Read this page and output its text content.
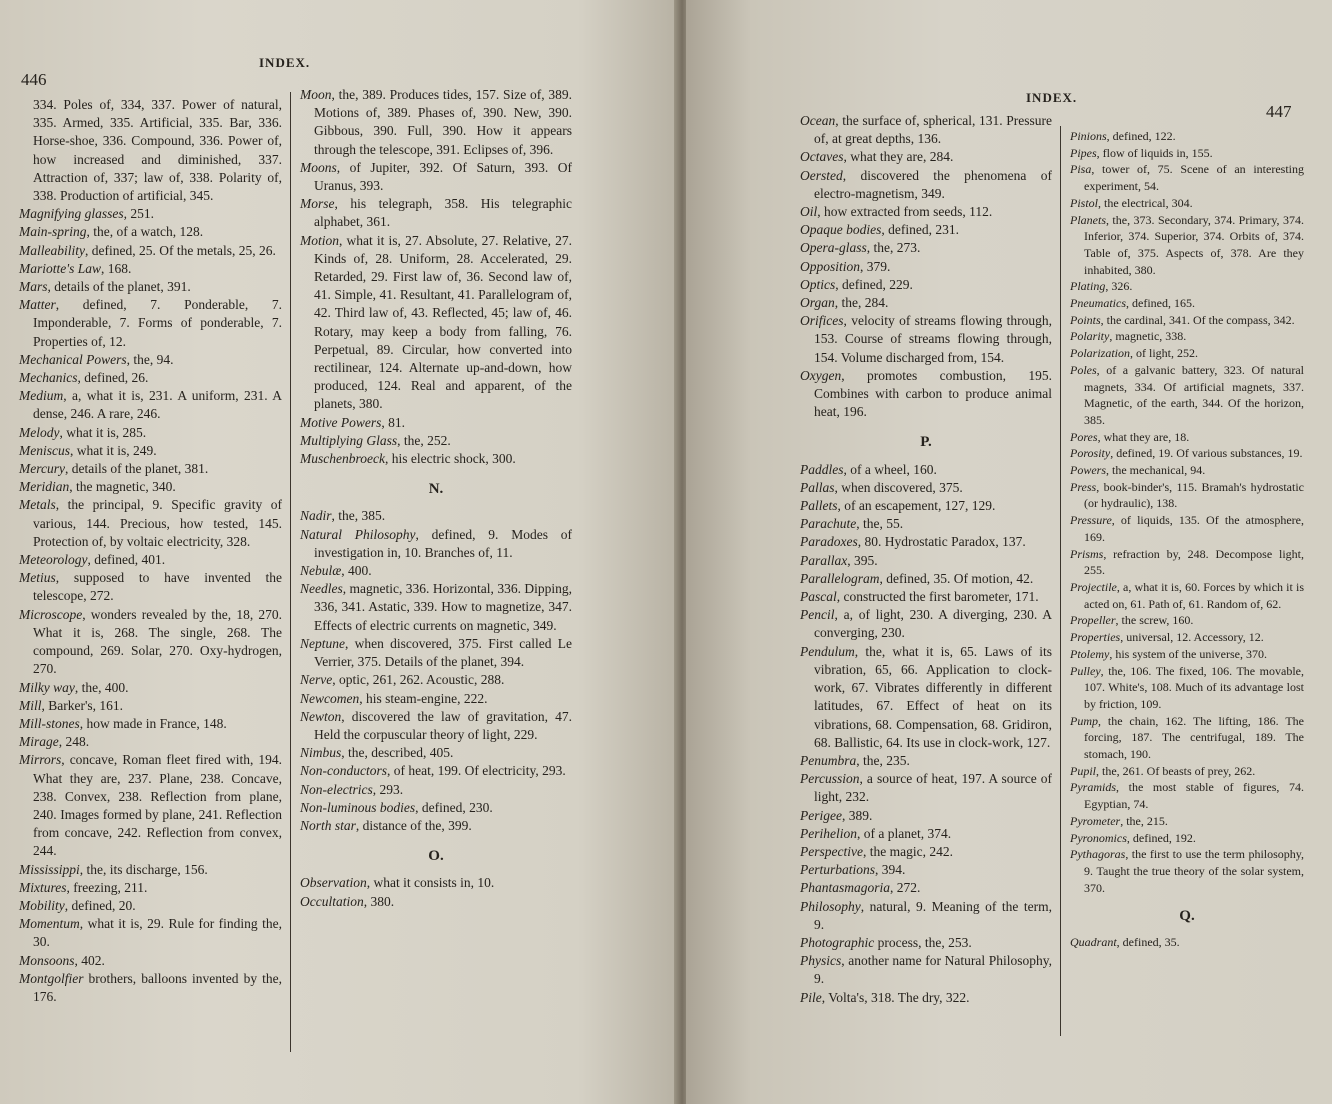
446
INDEX.

334. Poles of, 334, 337. Power of natural, 335. Armed, 335. Artificial, 335. Bar, 336. Horse-shoe, 336. Compound, 336. Power of, how increased and diminished, 337. Attraction of, 337; law of, 338. Polarity of, 338. Production of artificial, 345.

Magnifying glasses, 251.

Main-spring, the, of a watch, 128.

Malleability, defined, 25. Of the metals, 25, 26.

Mariotte's Law, 168.

Mars, details of the planet, 391.

Matter, defined, 7. Ponderable, 7. Imponderable, 7. Forms of ponderable, 7. Properties of, 12.

Mechanical Powers, the, 94.

Mechanics, defined, 26.

Medium, a, what it is, 231. A uniform, 231. A dense, 246. A rare, 246.

Melody, what it is, 285.

Meniscus, what it is, 249.

Mercury, details of the planet, 381.

Meridian, the magnetic, 340.

Metals, the principal, 9. Specific gravity of various, 144. Precious, how tested, 145. Protection of, by voltaic electricity, 328.

Meteorology, defined, 401.

Metius, supposed to have invented the telescope, 272.

Microscope, wonders revealed by the, 18, 270. What it is, 268. The single, 268. The compound, 269. Solar, 270. Oxy-hydrogen, 270.

Milky way, the, 400.

Mill, Barker's, 161.

Mill-stones, how made in France, 148.

Mirage, 248.

Mirrors, concave, Roman fleet fired with, 194. What they are, 237. Plane, 238. Concave, 238. Convex, 238. Reflection from plane, 240. Images formed by plane, 241. Reflection from concave, 242. Reflection from convex, 244.

Mississippi, the, its discharge, 156.

Mixtures, freezing, 211.

Mobility, defined, 20.

Momentum, what it is, 29. Rule for finding the, 30.

Monsoons, 402.

Montgolfier brothers, balloons invented by the, 176.

Moon, the, 389. Produces tides, 157. Size of, 389. Motions of, 389. Phases of, 390. New, 390. Gibbous, 390. Full, 390. How it appears through the telescope, 391. Eclipses of, 396.

Moons, of Jupiter, 392. Of Saturn, 393. Of Uranus, 393.

Morse, his telegraph, 358. His telegraphic alphabet, 361.

Motion, what it is, 27. Absolute, 27. Relative, 27. Kinds of, 28. Uniform, 28. Accelerated, 29. Retarded, 29. First law of, 36. Second law of, 41. Simple, 41. Resultant, 41. Parallelogram of, 42. Third law of, 43. Reflected, 45; law of, 46. Rotary, may keep a body from falling, 76. Perpetual, 89. Circular, how converted into rectilinear, 124. Alternate up-and-down, how produced, 124. Real and apparent, of the planets, 380.

Motive Powers, 81.

Multiplying Glass, the, 252.

Muschenbroeck, his electric shock, 300.

N.

Nadir, the, 385.

Natural Philosophy, defined, 9. Modes of investigation in, 10. Branches of, 11.

Nebulæ, 400.

Needles, magnetic, 336. Horizontal, 336. Dipping, 336, 341. Astatic, 339. How to magnetize, 347. Effects of electric currents on magnetic, 349.

Neptune, when discovered, 375. First called Le Verrier, 375. Details of the planet, 394.

Nerve, optic, 261, 262. Acoustic, 288.

Newcomen, his steam-engine, 222.

Newton, discovered the law of gravitation, 47. Held the corpuscular theory of light, 229.

Nimbus, the, described, 405.

Non-conductors, of heat, 199. Of electricity, 293.

Non-electrics, 293.

Non-luminous bodies, defined, 230.

North star, distance of the, 399.

O.

Observation, what it consists in, 10.

Occultation, 380.

INDEX.
447

Ocean, the surface of, spherical, 131. Pressure of, at great depths, 136.

Octaves, what they are, 284.

Oersted, discovered the phenomena of electro-magnetism, 349.

Oil, how extracted from seeds, 112.

Opaque bodies, defined, 231.

Opera-glass, the, 273.

Opposition, 379.

Optics, defined, 229.

Organ, the, 284.

Orifices, velocity of streams flowing through, 153. Course of streams flowing through, 154. Volume discharged from, 154.

Oxygen, promotes combustion, 195. Combines with carbon to produce animal heat, 196.

P.

Paddles, of a wheel, 160.

Pallas, when discovered, 375.

Pallets, of an escapement, 127, 129.

Parachute, the, 55.

Paradoxes, 80. Hydrostatic Paradox, 137.

Parallax, 395.

Parallelogram, defined, 35. Of motion, 42.

Pascal, constructed the first barometer, 171.

Pencil, a, of light, 230. A diverging, 230. A converging, 230.

Pendulum, the, what it is, 65. Laws of its vibration, 65, 66. Application to clock-work, 67. Vibrates differently in different latitudes, 67. Effect of heat on its vibrations, 68. Compensation, 68. Gridiron, 68. Ballistic, 64. Its use in clock-work, 127.

Penumbra, the, 235.

Percussion, a source of heat, 197. A source of light, 232.

Perigee, 389.

Perihelion, of a planet, 374.

Perspective, the magic, 242.

Perturbations, 394.

Phantasmagoria, 272.

Philosophy, natural, 9. Meaning of the term, 9.

Photographic process, the, 253.

Physics, another name for Natural Philosophy, 9.

Pile, Volta's, 318. The dry, 322.

Pinions, defined, 122.

Pipes, flow of liquids in, 155.

Pisa, tower of, 75. Scene of an interesting experiment, 54.

Pistol, the electrical, 304.

Planets, the, 373. Secondary, 374. Primary, 374. Inferior, 374. Superior, 374. Orbits of, 374. Table of, 375. Aspects of, 378. Are they inhabited, 380.

Plating, 326.

Pneumatics, defined, 165.

Points, the cardinal, 341. Of the compass, 342.

Polarity, magnetic, 338.

Polarization, of light, 252.

Poles, of a galvanic battery, 323. Of natural magnets, 334. Of artificial magnets, 337. Magnetic, of the earth, 344. Of the horizon, 385.

Pores, what they are, 18.

Porosity, defined, 19. Of various substances, 19.

Powers, the mechanical, 94.

Press, book-binder's, 115. Bramah's hydrostatic (or hydraulic), 138.

Pressure, of liquids, 135. Of the atmosphere, 169.

Prisms, refraction by, 248. Decompose light, 255.

Projectile, a, what it is, 60. Forces by which it is acted on, 61. Path of, 61. Random of, 62.

Propeller, the screw, 160.

Properties, universal, 12. Accessory, 12.

Ptolemy, his system of the universe, 370.

Pulley, the, 106. The fixed, 106. The movable, 107. White's, 108. Much of its advantage lost by friction, 109.

Pump, the chain, 162. The lifting, 186. The forcing, 187. The centrifugal, 189. The stomach, 190.

Pupil, the, 261. Of beasts of prey, 262.

Pyramids, the most stable of figures, 74. Egyptian, 74.

Pyrometer, the, 215.

Pyronomics, defined, 192.

Pythagoras, the first to use the term philosophy, 9. Taught the true theory of the solar system, 370.

Q.

Quadrant, defined, 35.
